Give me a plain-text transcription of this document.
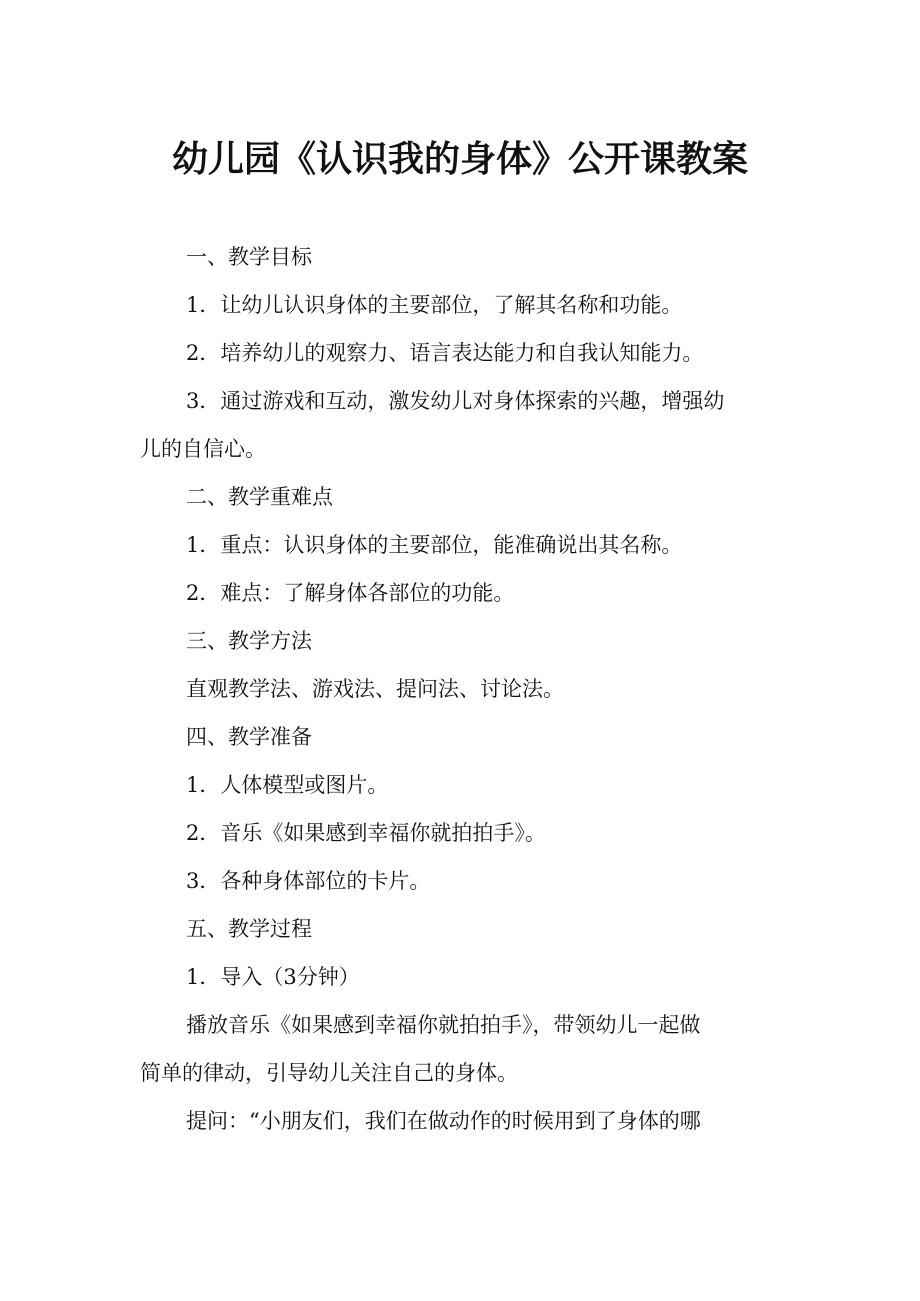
幼儿园《认识我的身体》公开课教案
一、教学目标
1．让幼儿认识身体的主要部位，了解其名称和功能。
2．培养幼儿的观察力、语言表达能力和自我认知能力。
3．通过游戏和互动，激发幼儿对身体探索的兴趣，增强幼
儿的自信心。
二、教学重难点
1．重点：认识身体的主要部位，能准确说出其名称。
2．难点：了解身体各部位的功能。
三、教学方法
直观教学法、游戏法、提问法、讨论法。
四、教学准备
1．人体模型或图片。
2．音乐《如果感到幸福你就拍拍手》。
3．各种身体部位的卡片。
五、教学过程
1．导入（3分钟）
播放音乐《如果感到幸福你就拍拍手》，带领幼儿一起做
简单的律动，引导幼儿关注自己的身体。
提问：“小朋友们，我们在做动作的时候用到了身体的哪
